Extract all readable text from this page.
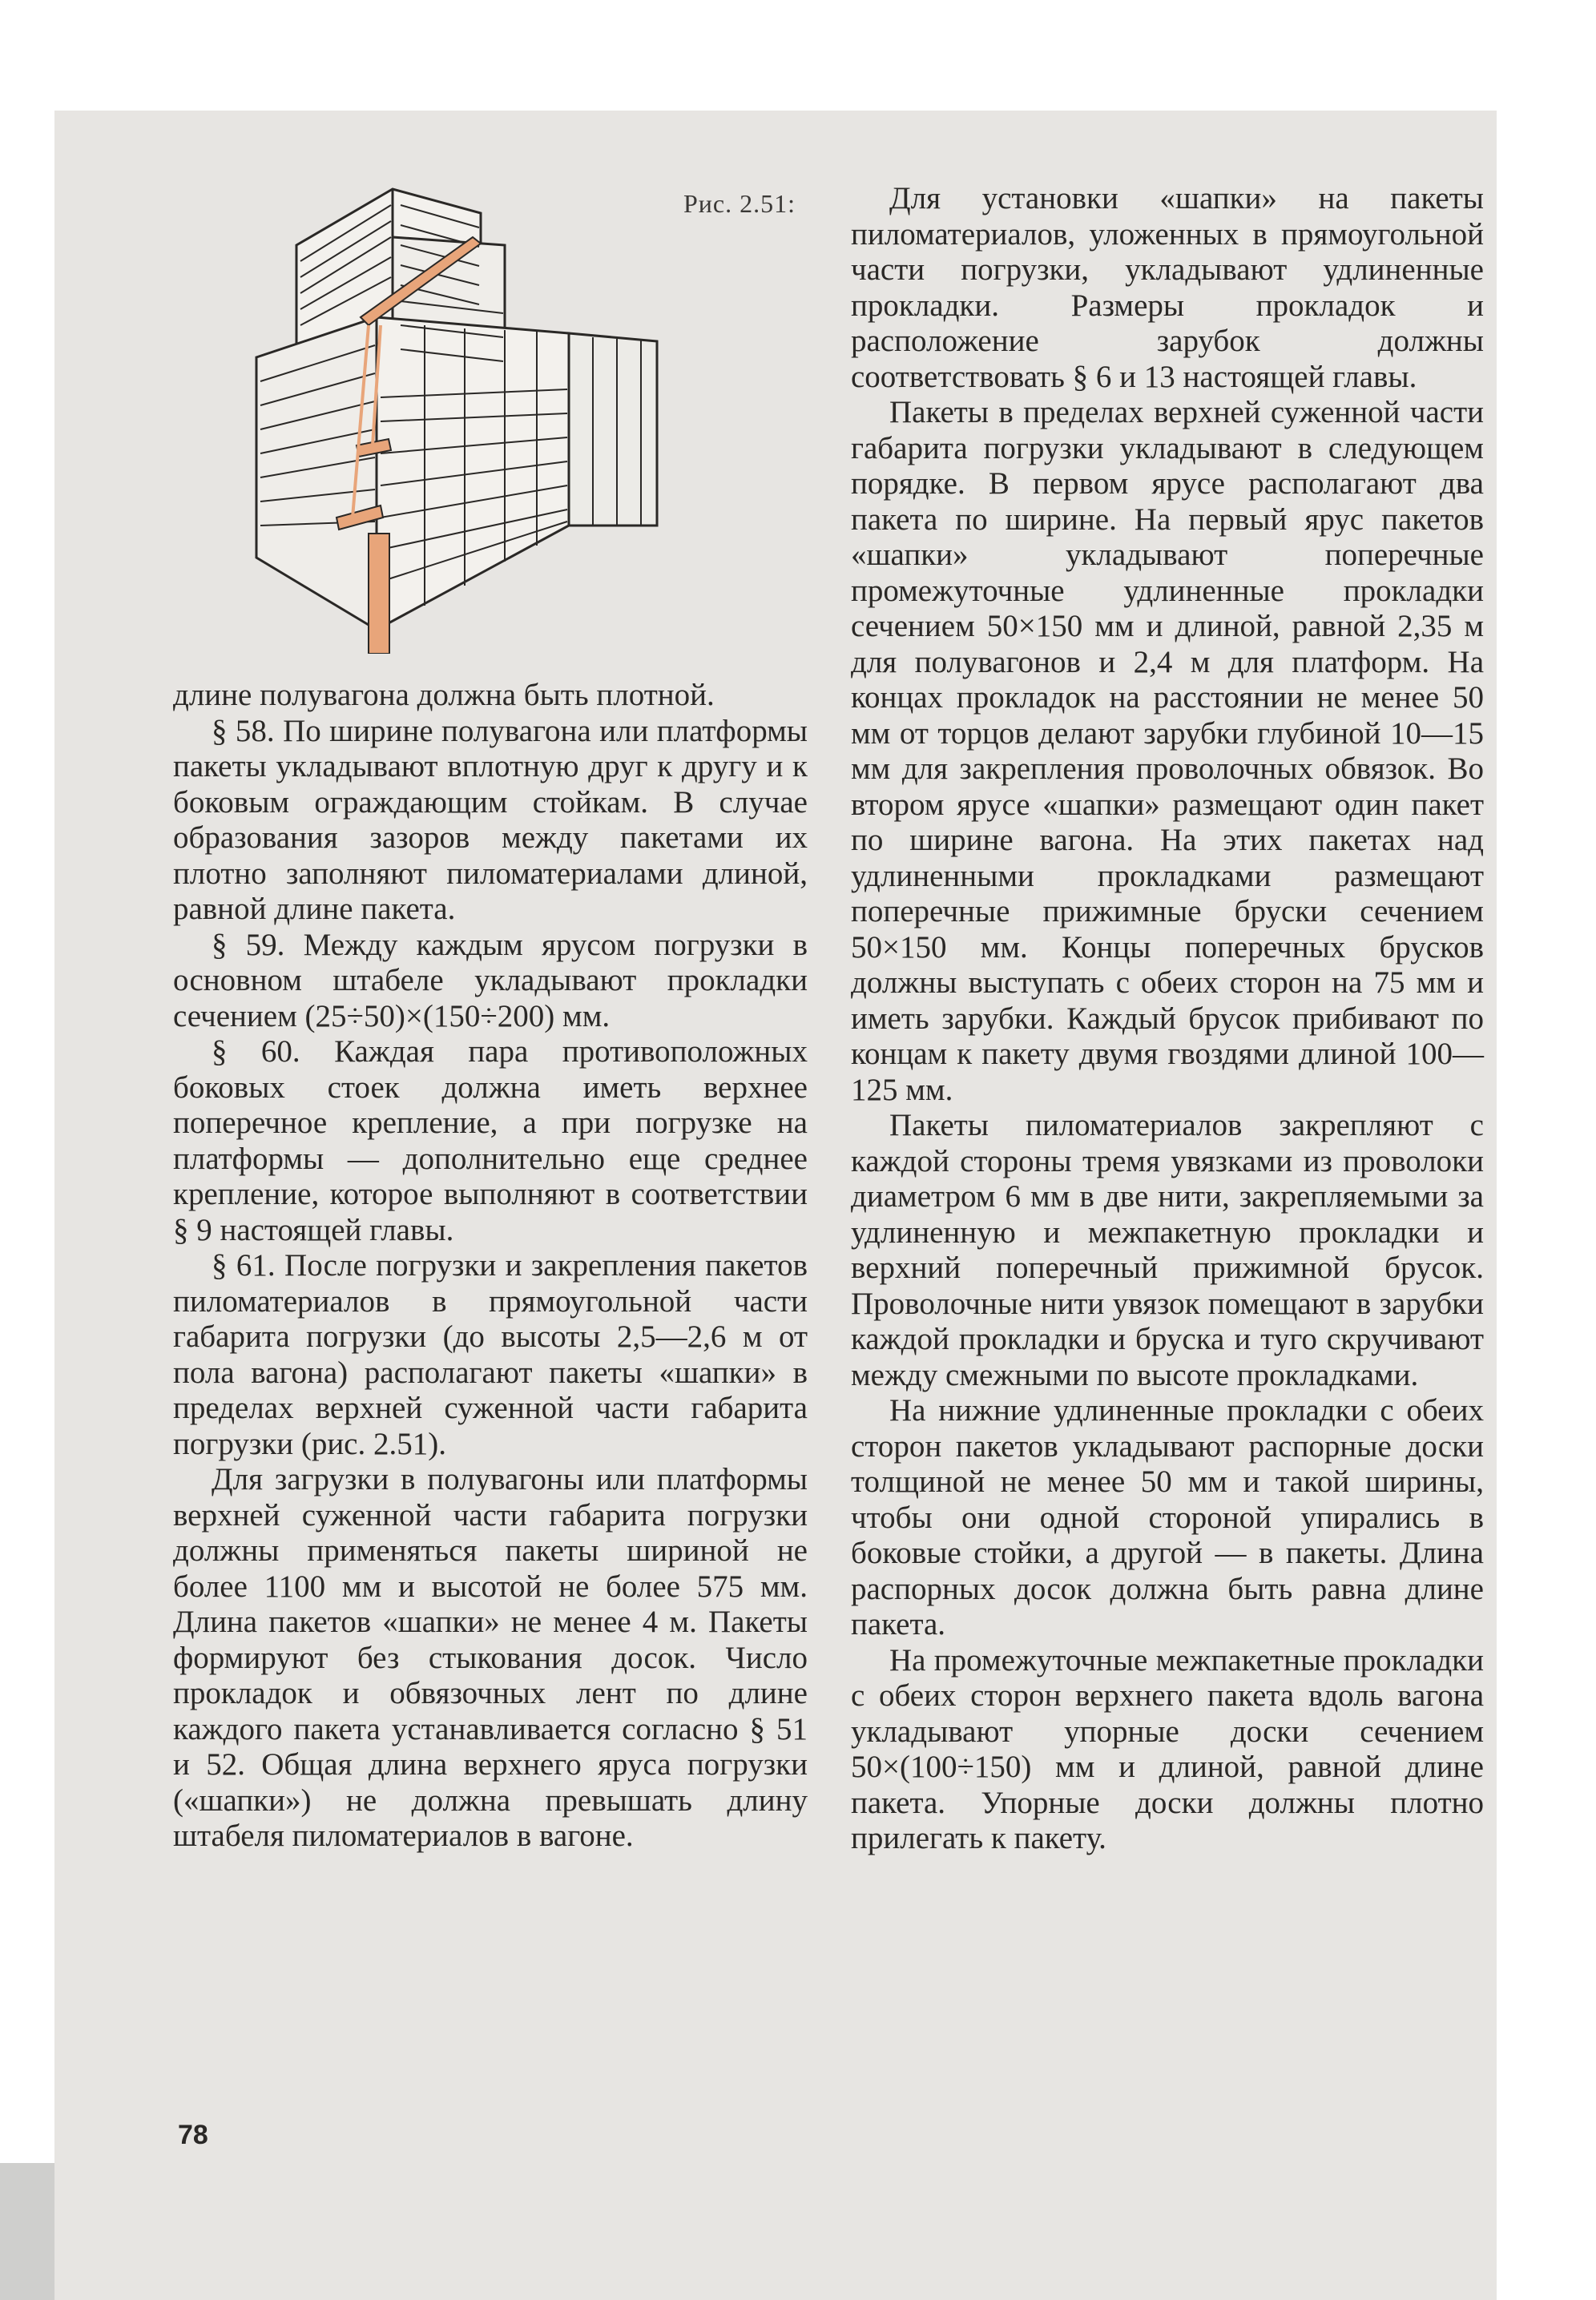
Рис. 2.51:

длине полувагона должна быть плотной.

§ 58. По ширине полувагона или платформы пакеты укладывают вплотную друг к другу и к боковым ограждающим стойкам. В случае образования зазоров между пакетами их плотно заполняют пиломатериалами длиной, равной длине пакета.

§ 59. Между каждым ярусом погрузки в основном штабеле укладывают прокладки сечением (25÷50)×(150÷200) мм.

§ 60. Каждая пара противоположных боковых стоек должна иметь верхнее поперечное крепление, а при погрузке на платформы — дополнительно еще среднее крепление, которое выполняют в соответствии § 9 настоящей главы.

§ 61. После погрузки и закрепления пакетов пиломатериалов в прямоугольной части габарита погрузки (до высоты 2,5—2,6 м от пола вагона) располагают пакеты «шапки» в пределах верхней суженной части габарита погрузки (рис. 2.51).

Для загрузки в полувагоны или платформы верхней суженной части габарита погрузки должны применяться пакеты шириной не более 1100 мм и высотой не более 575 мм. Длина пакетов «шапки» не менее 4 м. Пакеты формируют без стыкования досок. Число прокладок и обвязочных лент по длине каждого пакета устанавливается согласно § 51 и 52. Общая длина верхнего яруса погрузки («шапки») не должна превышать длину штабеля пиломатериалов в вагоне.

Для установки «шапки» на пакеты пиломатериалов, уложенных в прямоугольной части погрузки, укладывают удлиненные прокладки. Размеры прокладок и расположение зарубок должны соответствовать § 6 и 13 настоящей главы.

Пакеты в пределах верхней суженной части габарита погрузки укладывают в следующем порядке. В первом ярусе располагают два пакета по ширине. На первый ярус пакетов «шапки» укладывают поперечные промежуточные удлиненные прокладки сечением 50×150 мм и длиной, равной 2,35 м для полувагонов и 2,4 м для платформ. На концах прокладок на расстоянии не менее 50 мм от торцов делают зарубки глубиной 10—15 мм для закрепления проволочных обвязок. Во втором ярусе «шапки» размещают один пакет по ширине вагона. На этих пакетах над удлиненными прокладками размещают поперечные прижимные бруски сечением 50×150 мм. Концы поперечных брусков должны выступать с обеих сторон на 75 мм и иметь зарубки. Каждый брусок прибивают по концам к пакету двумя гвоздями длиной 100—125 мм.

Пакеты пиломатериалов закрепляют с каждой стороны тремя увязками из проволоки диаметром 6 мм в две нити, закрепляемыми за удлиненную и межпакетную прокладки и верхний поперечный прижимной брусок. Проволочные нити увязок помещают в зарубки каждой прокладки и бруска и туго скручивают между смежными по высоте прокладками.

На нижние удлиненные прокладки с обеих сторон пакетов укладывают распорные доски толщиной не менее 50 мм и такой ширины, чтобы они одной стороной упирались в боковые стойки, а другой — в пакеты. Длина распорных досок должна быть равна длине пакета.

На промежуточные межпакетные прокладки с обеих сторон верхнего пакета вдоль вагона укладывают упорные доски сечением 50×(100÷150) мм и длиной, равной длине пакета. Упорные доски должны плотно прилегать к пакету.

78
